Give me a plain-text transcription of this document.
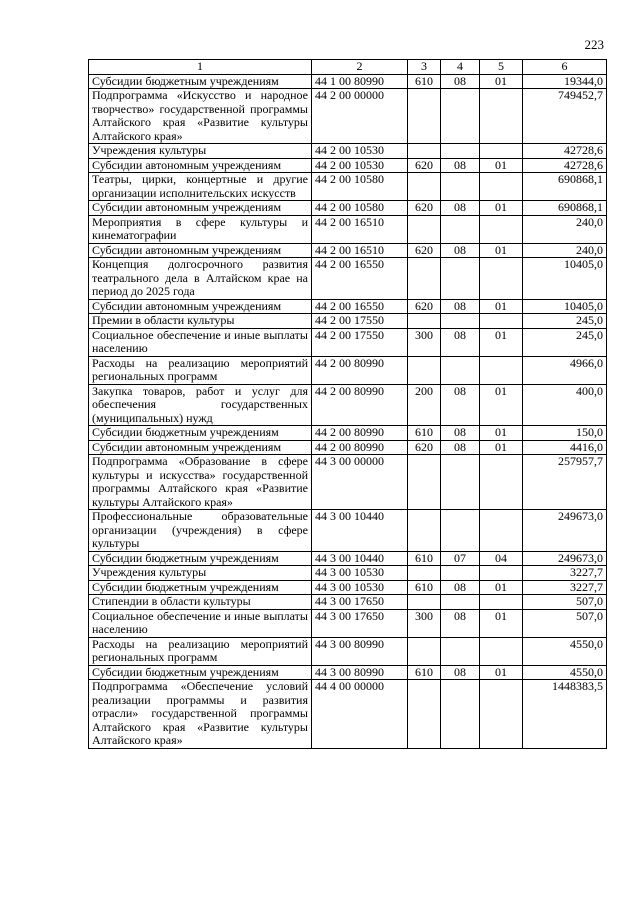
223
1	2	3	4	5	6
Субсидии бюджетным учреждениям	44 1 00 80990	610	08	01	19344,0
Подпрограмма «Искусство и народное творчество» государственной программы Алтайского края «Развитие культуры Алтайского края»	44 2 00 00000				749452,7
Учреждения культуры	44 2 00 10530				42728,6
Субсидии автономным учреждениям	44 2 00 10530	620	08	01	42728,6
Театры, цирки, концертные и другие организации исполнительских искусств	44 2 00 10580				690868,1
Субсидии автономным учреждениям	44 2 00 10580	620	08	01	690868,1
Мероприятия в сфере культуры и кинематографии	44 2 00 16510				240,0
Субсидии автономным учреждениям	44 2 00 16510	620	08	01	240,0
Концепция долгосрочного развития театрального дела в Алтайском крае на период до 2025 года	44 2 00 16550				10405,0
Субсидии автономным учреждениям	44 2 00 16550	620	08	01	10405,0
Премии в области культуры	44 2 00 17550				245,0
Социальное обеспечение и иные выплаты населению	44 2 00 17550	300	08	01	245,0
Расходы на реализацию мероприятий региональных программ	44 2 00 80990				4966,0
Закупка товаров, работ и услуг для обеспечения государственных (муниципальных) нужд	44 2 00 80990	200	08	01	400,0
Субсидии бюджетным учреждениям	44 2 00 80990	610	08	01	150,0
Субсидии автономным учреждениям	44 2 00 80990	620	08	01	4416,0
Подпрограмма «Образование в сфере культуры и искусства» государственной программы Алтайского края «Развитие культуры Алтайского края»	44 3 00 00000				257957,7
Профессиональные образовательные организации (учреждения) в сфере культуры	44 3 00 10440				249673,0
Субсидии бюджетным учреждениям	44 3 00 10440	610	07	04	249673,0
Учреждения культуры	44 3 00 10530				3227,7
Субсидии бюджетным учреждениям	44 3 00 10530	610	08	01	3227,7
Стипендии в области культуры	44 3 00 17650				507,0
Социальное обеспечение и иные выплаты населению	44 3 00 17650	300	08	01	507,0
Расходы на реализацию мероприятий региональных программ	44 3 00 80990				4550,0
Субсидии бюджетным учреждениям	44 3 00 80990	610	08	01	4550,0
Подпрограмма «Обеспечение условий реализации программы и развития отрасли» государственной программы Алтайского края «Развитие культуры Алтайского края»	44 4 00 00000				1448383,5
